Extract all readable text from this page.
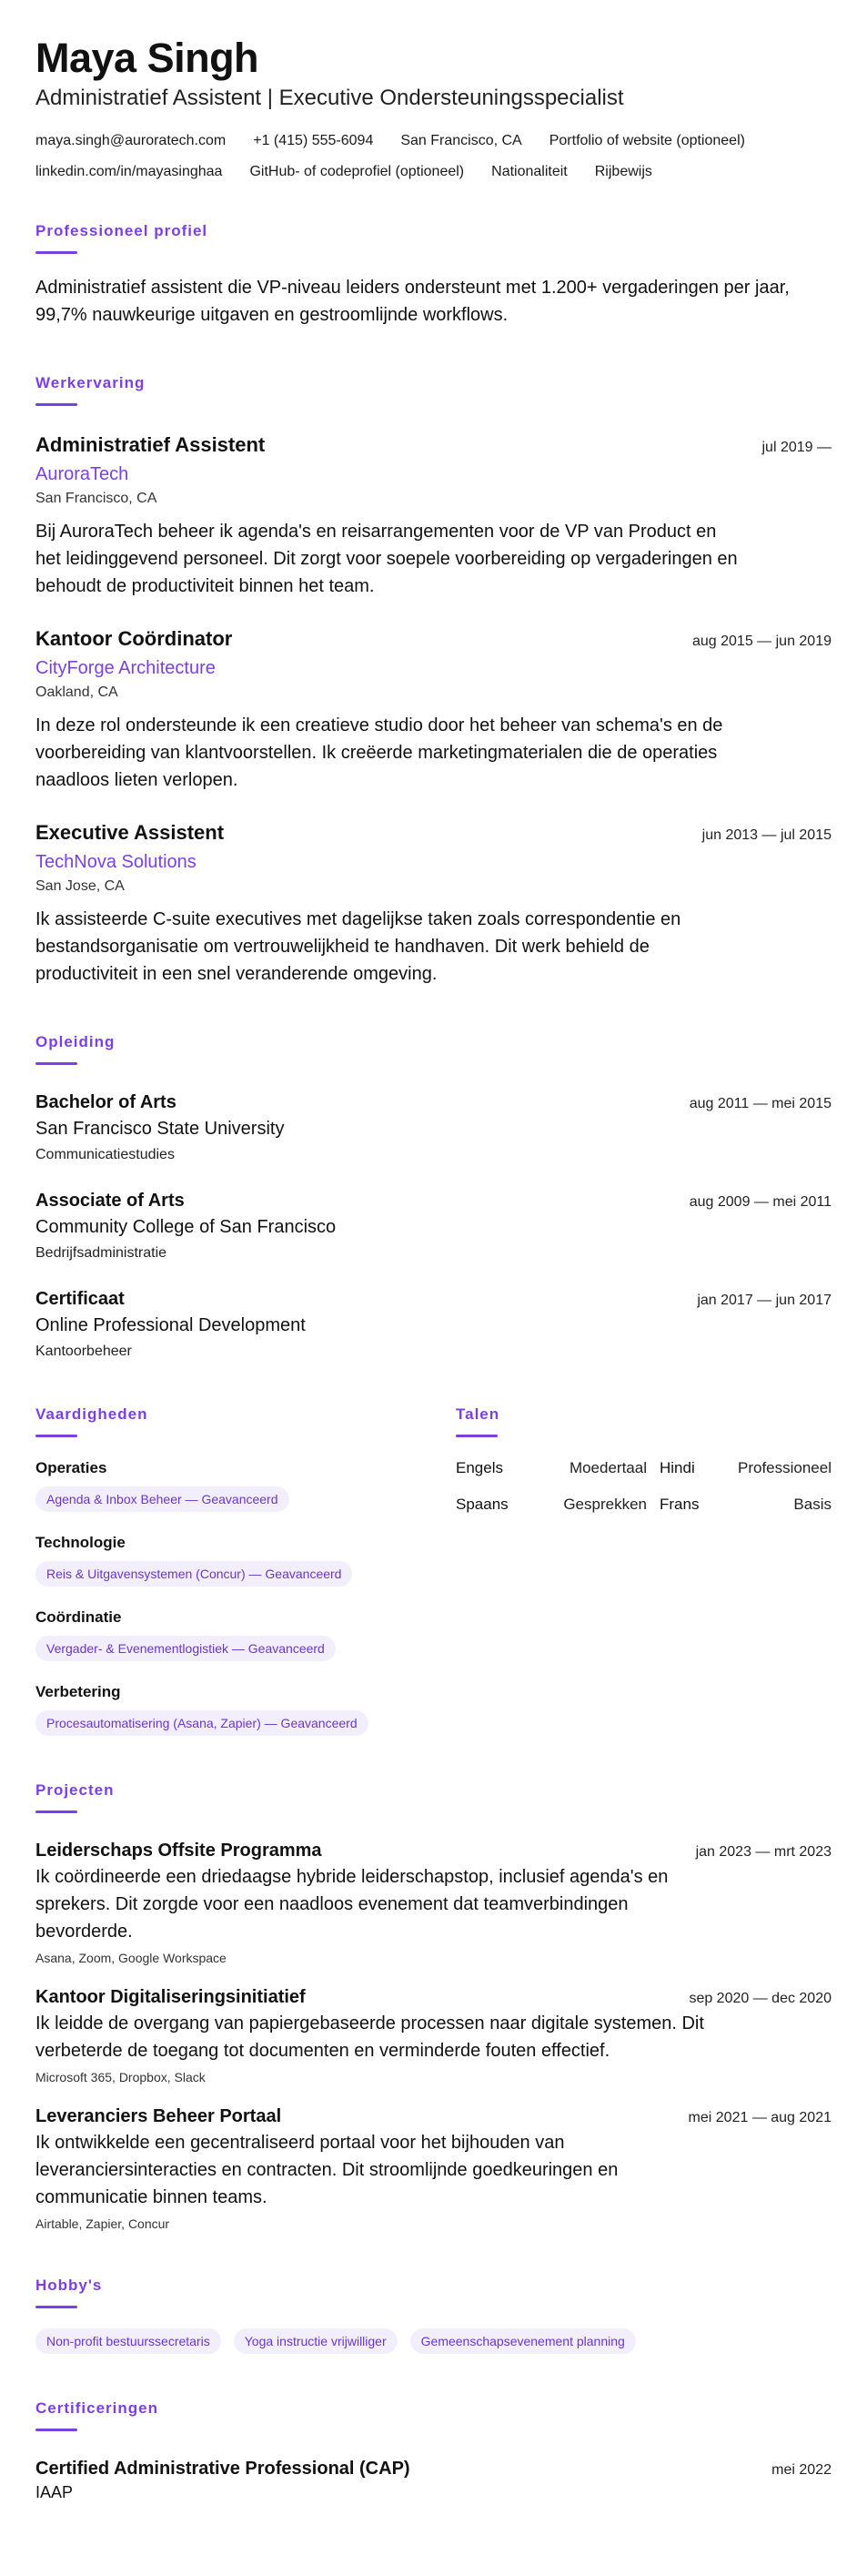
Maya Singh
Administratief Assistent | Executive Ondersteuningsspecialist
maya.singh@auroratech.com +1 (415) 555-6094 San Francisco, CA Portfolio of website (optioneel)
linkedin.com/in/mayasinghaa GitHub- of codeprofiel (optioneel) Nationaliteit Rijbewijs
Professioneel profiel

Administratief assistent die VP-niveau leiders ondersteunt met 1.200+ vergaderingen per jaar, 99,7% nauwkeurige uitgaven en gestroomlijnde workflows.

Werkervaring
Administratief Assistent	jul 2019 —
AuroraTech
San Francisco, CA
Bij AuroraTech beheer ik agenda's en reisarrangementen voor de VP van Product en het leidinggevend personeel. Dit zorgt voor soepele voorbereiding op vergaderingen en behoudt de productiviteit binnen het team.
Kantoor Coördinator	aug 2015 — jun 2019
CityForge Architecture
Oakland, CA
In deze rol ondersteunde ik een creatieve studio door het beheer van schema's en de voorbereiding van klantvoorstellen. Ik creëerde marketingmaterialen die de operaties naadloos lieten verlopen.
Executive Assistent	jun 2013 — jul 2015
TechNova Solutions
San Jose, CA
Ik assisteerde C-suite executives met dagelijkse taken zoals correspondentie en bestandsorganisatie om vertrouwelijkheid te handhaven. Dit werk behield de productiviteit in een snel veranderende omgeving.
Opleiding
Bachelor of Arts	aug 2011 — mei 2015
San Francisco State University
Communicatiestudies
Associate of Arts	aug 2009 — mei 2011
Community College of San Francisco
Bedrijfsadministratie
Certificaat	jan 2017 — jun 2017
Online Professional Development
Kantoorbeheer
Vaardigheden
Operaties
Agenda & Inbox Beheer — Geavanceerd
Technologie
Reis & Uitgavensystemen (Concur) — Geavanceerd
Coördinatie
Vergader- & Evenementlogistiek — Geavanceerd
Verbetering
Procesautomatisering (Asana, Zapier) — Geavanceerd
Talen
Engels	Moedertaal Hindi	Professioneel
Spaans	Gesprekken Frans	Basis
Projecten
Leiderschaps Offsite Programma	jan 2023 — mrt 2023
Ik coördineerde een driedaagse hybride leiderschapstop, inclusief agenda's en sprekers. Dit zorgde voor een naadloos evenement dat teamverbindingen bevorderde.
Asana, Zoom, Google Workspace
Kantoor Digitaliseringsinitiatief	sep 2020 — dec 2020
Ik leidde de overgang van papiergebaseerde processen naar digitale systemen. Dit verbeterde de toegang tot documenten en verminderde fouten effectief.
Microsoft 365, Dropbox, Slack
Leveranciers Beheer Portaal	mei 2021 — aug 2021
Ik ontwikkelde een gecentraliseerd portaal voor het bijhouden van leveranciersinteracties en contracten. Dit stroomlijnde goedkeuringen en communicatie binnen teams.
Airtable, Zapier, Concur
Hobby's
Non-profit bestuurssecretaris	Yoga instructie vrijwilliger	Gemeenschapsevenement planning
Certificeringen
Certified Administrative Professional (CAP)	mei 2022
IAAP
